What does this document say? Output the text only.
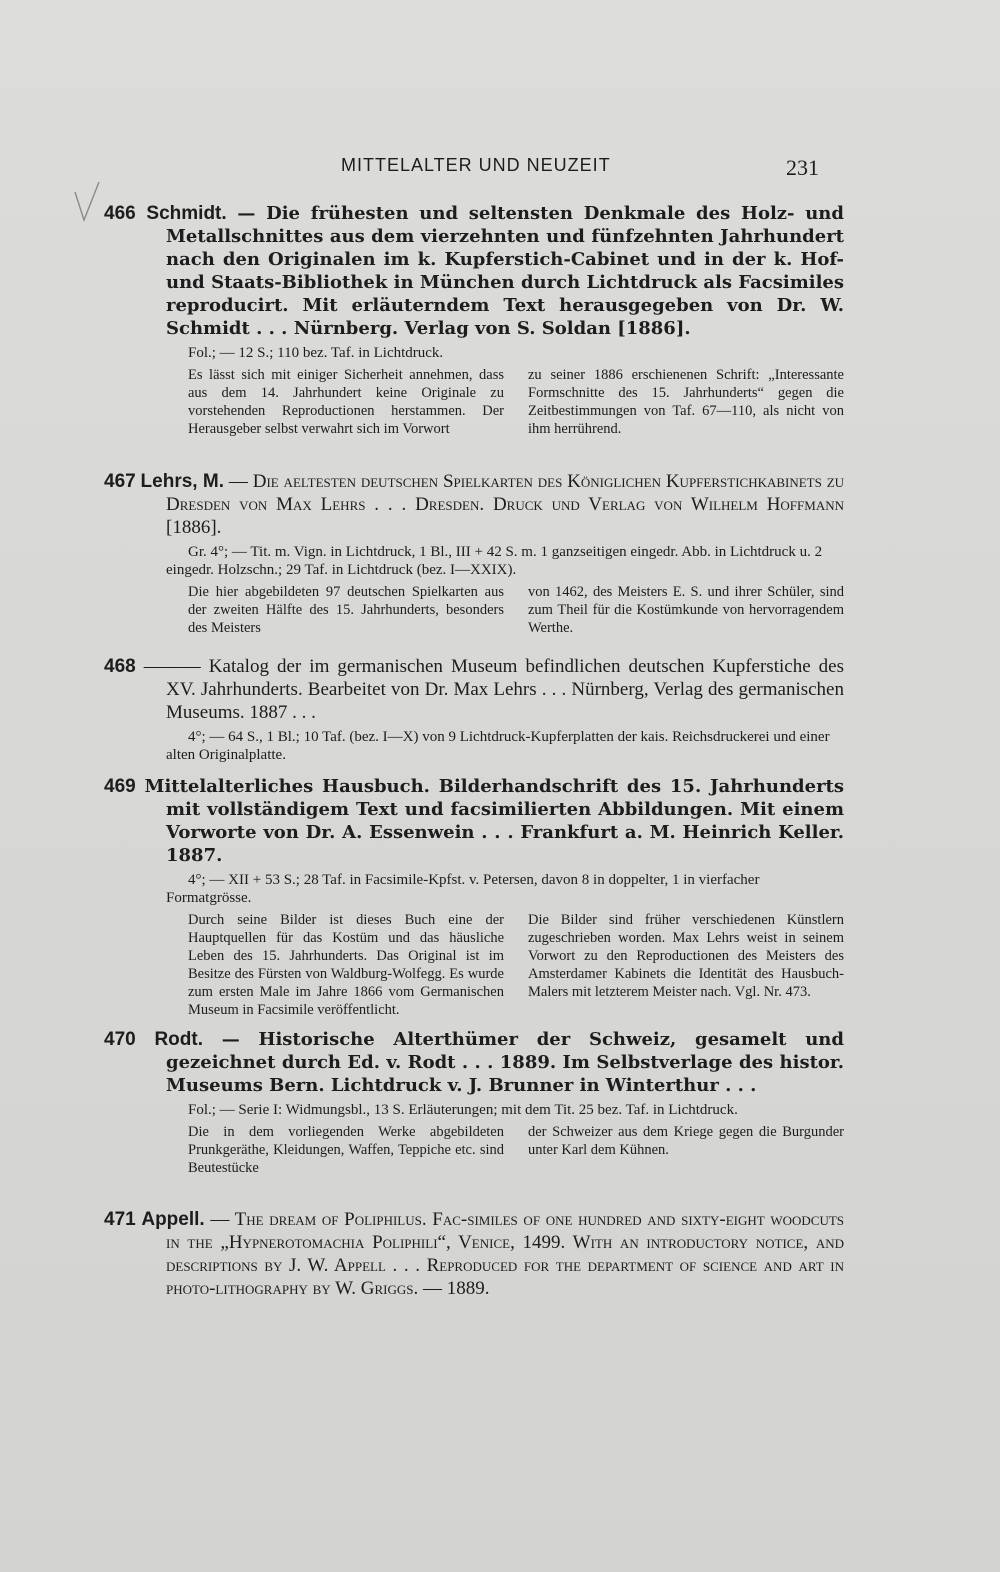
MITTELALTER UND NEUZEIT	231

466 Schmidt. — Die frühesten und seltensten Denkmale des Holz- und Metallschnittes aus dem vierzehnten und fünfzehnten Jahrhundert nach den Originalen im k. Kupferstich-Cabinet und in der k. Hof- und Staats-Bibliothek in München durch Lichtdruck als Facsimiles reproducirt. Mit erläuterndem Text herausgegeben von Dr. W. Schmidt . . . Nürnberg. Verlag von S. Soldan [1886].

Fol.; — 12 S.; 110 bez. Taf. in Lichtdruck.
Es lässt sich mit einiger Sicherheit annehmen, dass aus dem 14. Jahrhundert keine Originale zu vorstehenden Reproductionen herstammen. Der Herausgeber selbst verwahrt sich im Vorwort
zu seiner 1886 erschienenen Schrift: „Interessante Formschnitte des 15. Jahrhunderts“ gegen die Zeitbestimmungen von Taf. 67—110, als nicht von ihm herrührend.

467 Lehrs, M. — Die aeltesten deutschen Spielkarten des Königlichen Kupferstichkabinets zu Dresden von Max Lehrs . . . Dresden. Druck und Verlag von Wilhelm Hoffmann [1886].

Gr. 4°; — Tit. m. Vign. in Lichtdruck, 1 Bl., III + 42 S. m. 1 ganzseitigen eingedr. Abb. in Lichtdruck u. 2 eingedr. Holzschn.; 29 Taf. in Lichtdruck (bez. I—XXIX).
Die hier abgebildeten 97 deutschen Spielkarten aus der zweiten Hälfte des 15. Jahrhunderts, besonders des Meisters
von 1462, des Meisters E. S. und ihrer Schüler, sind zum Theil für die Kostümkunde von hervorragendem Werthe.

468 ——— Katalog der im germanischen Museum befindlichen deutschen Kupferstiche des XV. Jahrhunderts. Bearbeitet von Dr. Max Lehrs . . . Nürnberg, Verlag des germanischen Museums. 1887 . . .

4°; — 64 S., 1 Bl.; 10 Taf. (bez. I—X) von 9 Lichtdruck-Kupferplatten der kais. Reichsdruckerei und einer alten Originalplatte.

469 Mittelalterliches Hausbuch. Bilderhandschrift des 15. Jahrhunderts mit vollständigem Text und facsimilierten Abbildungen. Mit einem Vorworte von Dr. A. Essenwein . . . Frankfurt a. M. Heinrich Keller. 1887.

4°; — XII + 53 S.; 28 Taf. in Facsimile-Kpfst. v. Petersen, davon 8 in doppelter, 1 in vierfacher Formatgrösse.
Durch seine Bilder ist dieses Buch eine der Hauptquellen für das Kostüm und das häusliche Leben des 15. Jahrhunderts. Das Original ist im Besitze des Fürsten von Waldburg-Wolfegg. Es wurde zum ersten Male im Jahre 1866 vom Germanischen Museum in Facsimile veröffentlicht.
Die Bilder sind früher verschiedenen Künstlern zugeschrieben worden. Max Lehrs weist in seinem Vorwort zu den Reproductionen des Meisters des Amsterdamer Kabinets die Identität des Hausbuch-Malers mit letzterem Meister nach. Vgl. Nr. 473.

470 Rodt. — Historische Alterthümer der Schweiz, gesamelt und gezeichnet durch Ed. v. Rodt . . . 1889. Im Selbstverlage des histor. Museums Bern. Lichtdruck v. J. Brunner in Winterthur . . .

Fol.; — Serie I: Widmungsbl., 13 S. Erläuterungen; mit dem Tit. 25 bez. Taf. in Lichtdruck.
Die in dem vorliegenden Werke abgebildeten Prunkgeräthe, Kleidungen, Waffen, Teppiche etc. sind Beutestücke
der Schweizer aus dem Kriege gegen die Burgunder unter Karl dem Kühnen.

471 Appell. — The dream of Poliphilus. Fac-similes of one hundred and sixty-eight woodcuts in the „Hypnerotomachia Poliphili“, Venice, 1499. With an introductory notice, and descriptions by J. W. Appell . . . Reproduced for the department of science and art in photo-lithography by W. Griggs. — 1889.
